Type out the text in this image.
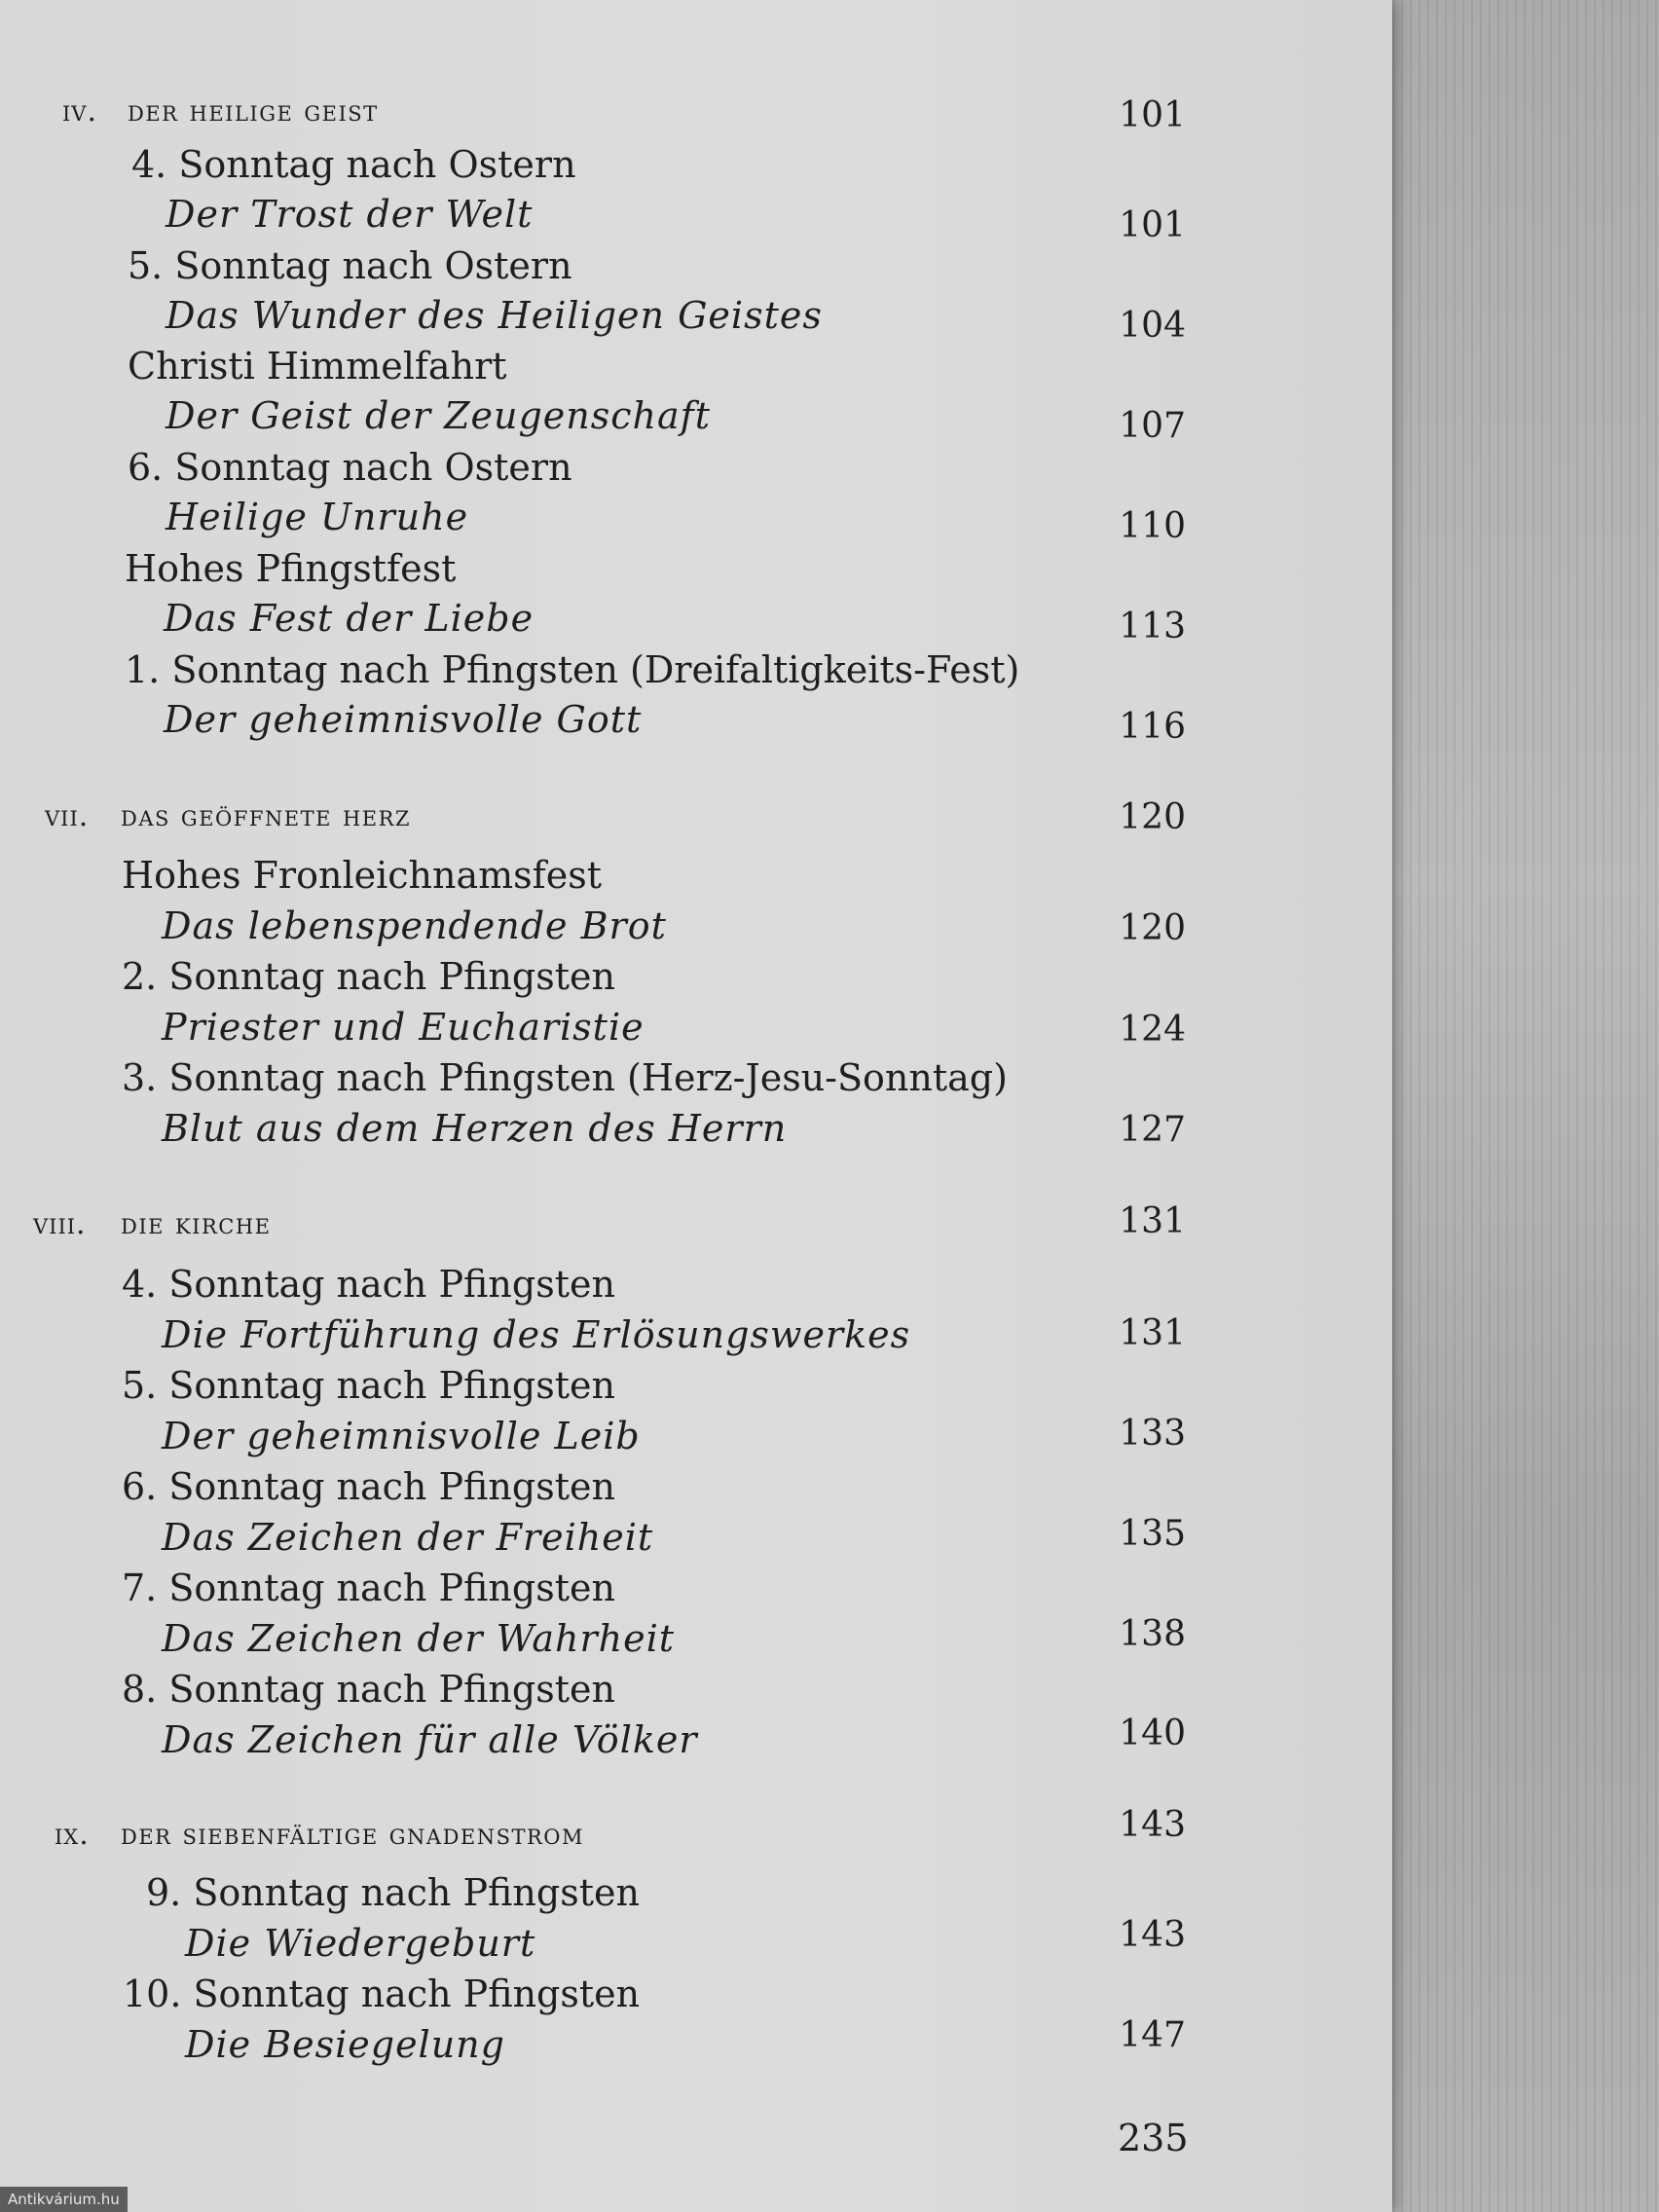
iv. der heilige geist	101
4. Sonntag nach Ostern
Der Trost der Welt	101
5. Sonntag nach Ostern
Das Wunder des Heiligen Geistes	104
Christi Himmelfahrt
Der Geist der Zeugenschaft	107
6. Sonntag nach Ostern
Heilige Unruhe	110
Hohes Pfingstfest
Das Fest der Liebe	113
1. Sonntag nach Pfingsten (Dreifaltigkeits-Fest)
Der geheimnisvolle Gott	116
vii. das geöffnete herz	120
Hohes Fronleichnamsfest
Das lebenspendende Brot	120
2. Sonntag nach Pfingsten
Priester und Eucharistie	124
3. Sonntag nach Pfingsten (Herz-Jesu-Sonntag)
Blut aus dem Herzen des Herrn	127
viii. die kirche	131
4. Sonntag nach Pfingsten
Die Fortführung des Erlösungswerkes	131
5. Sonntag nach Pfingsten
Der geheimnisvolle Leib	133
6. Sonntag nach Pfingsten
Das Zeichen der Freiheit	135
7. Sonntag nach Pfingsten
Das Zeichen der Wahrheit	138
8. Sonntag nach Pfingsten
Das Zeichen für alle Völker	140
ix. der siebenfältige gnadenstrom	143
9. Sonntag nach Pfingsten
Die Wiedergeburt	143
10. Sonntag nach Pfingsten
Die Besiegelung	147
235
Antikvárium.hu
